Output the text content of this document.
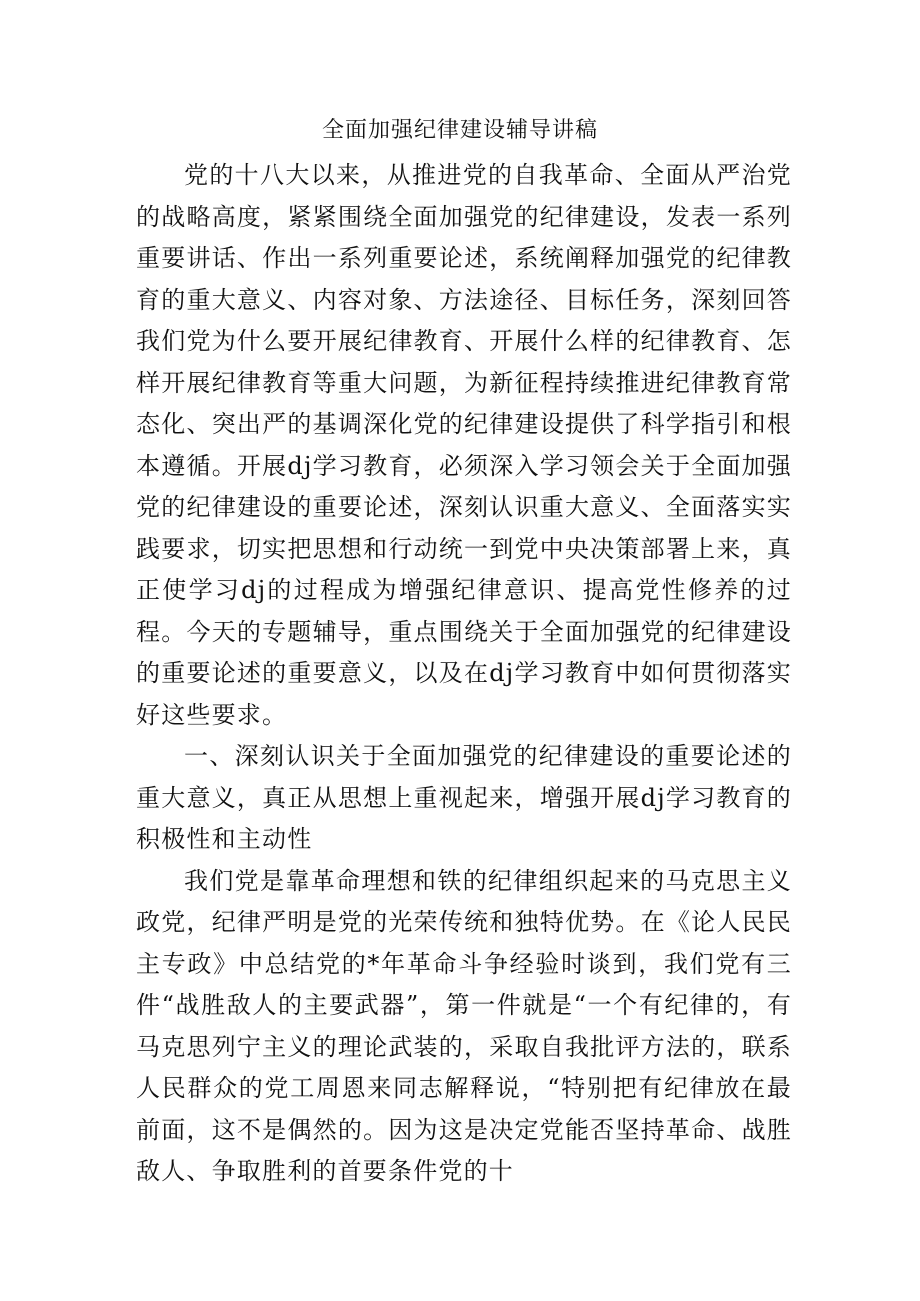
全面加强纪律建设辅导讲稿

党的十八大以来，从推进党的自我革命、全面从严治党的战略高度，紧紧围绕全面加强党的纪律建设，发表一系列重要讲话、作出一系列重要论述，系统阐释加强党的纪律教育的重大意义、内容对象、方法途径、目标任务，深刻回答我们党为什么要开展纪律教育、开展什么样的纪律教育、怎样开展纪律教育等重大问题，为新征程持续推进纪律教育常态化、突出严的基调深化党的纪律建设提供了科学指引和根本遵循。开展dj学习教育，必须深入学习领会关于全面加强党的纪律建设的重要论述，深刻认识重大意义、全面落实实践要求，切实把思想和行动统一到党中央决策部署上来，真正使学习dj的过程成为增强纪律意识、提高党性修养的过程。今天的专题辅导，重点围绕关于全面加强党的纪律建设的重要论述的重要意义，以及在dj学习教育中如何贯彻落实好这些要求。

一、深刻认识关于全面加强党的纪律建设的重要论述的重大意义，真正从思想上重视起来，增强开展dj学习教育的积极性和主动性

我们党是靠革命理想和铁的纪律组织起来的马克思主义政党，纪律严明是党的光荣传统和独特优势。在《论人民民主专政》中总结党的*年革命斗争经验时谈到，我们党有三件“战胜敌人的主要武器”，第一件就是“一个有纪律的，有马克思列宁主义的理论武装的，采取自我批评方法的，联系人民群众的党工周恩来同志解释说，“特别把有纪律放在最前面，这不是偶然的。因为这是决定党能否坚持革命、战胜敌人、争取胜利的首要条件党的十
